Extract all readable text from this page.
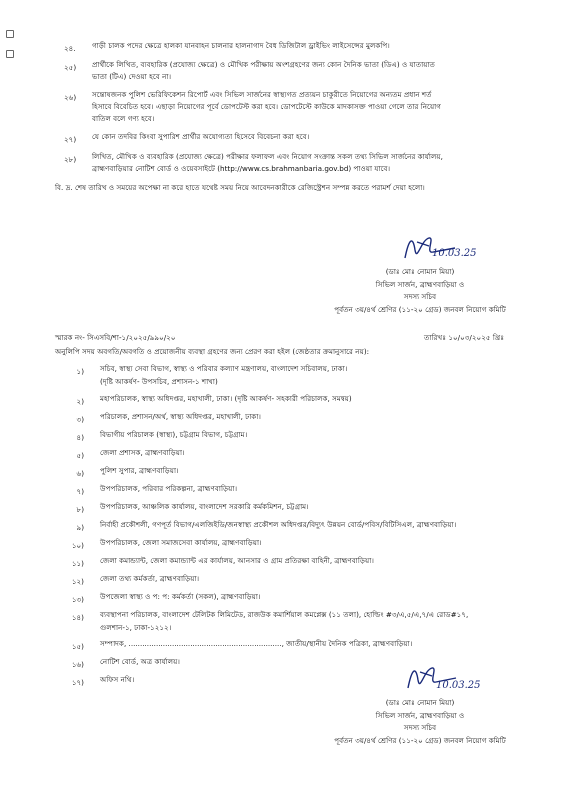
২৪. গাড়ী চালক পদের ক্ষেত্রে হালকা যানবাহন চালনার হালনাগাদ বৈধ ডিজিটাল ড্রাইভিং লাইসেন্সের মুলকপি।
২৫) প্রার্থীকে লিখিত, ব্যবহারিক (প্রযোজ্য ক্ষেত্রে) ও মৌখিক পরীক্ষায় অংশগ্রহণের জন্য কোন দৈনিক ভাতা (ডিএ) ও যাতায়াত
ভাতা (টিএ) দেওয়া হবে না।
২৬) সন্তোষজনক পুলিশ ভেরিফিকেশন রিপোর্ট এবং সিভিল সার্জনের স্বাস্থ্যগত প্রত্যয়ন চাকুরীতে নিয়োগের অন্যতম প্রধান শর্ত
হিসাবে বিবেচিত হবে। এছাড়া নিয়োগের পূর্বে ডোপটেস্ট করা হবে। ডোপটেস্টে কাউকে মাদকাসক্ত পাওয়া গেলে তার নিয়োগ
বাতিল বলে গণ্য হবে।
২৭) যে কোন তদবির কিংবা সুপারিশ প্রার্থীর অযোগ্যতা হিসেবে বিবেচনা করা হবে।
২৮) লিখিত, মৌখিক ও ব্যবহারিক (প্রযোজ্য ক্ষেত্রে) পরীক্ষার ফলাফল এবং নিয়োগ সংক্রান্ত সকল তথ্য সিভিল সার্জনের কার্যালয়,
ব্রাহ্মণবাড়িয়ার নোটিশ বোর্ড ও ওয়েবসাইটে (http://www.cs.brahmanbaria.gov.bd) পাওয়া যাবে।
বি. দ্র. শেষ তারিখ ও সময়ের অপেক্ষা না করে হাতে যথেষ্ট সময় নিয়ে আবেদনকারীকে রেজিস্ট্রেশন সম্পন্ন করতে পরামর্শ দেয়া হলো।
10.03.25
(ডাঃ মোঃ নোমান মিয়া)
সিভিল সার্জন, ব্রাহ্মণবাড়িয়া ও
সদস্য সচিব
পূর্বতন ৩য়/৪র্থ শ্রেণির (১১-২০ গ্রেড) জনবল নিয়োগ কমিটি
স্মারক নং- সিএসবি/শা-১/২০২৫/৯৯০/২০	তারিখঃ ১০/০৩/২০২৫ খ্রিঃ
অনুলিপি সদয় অবগতি/অবগতি ও প্রয়োজনীয় ব্যবস্থা গ্রহণের জন্য প্রেরণ করা হইল (জেষ্ঠতার ক্রমানুসারে নয়):
১) সচিব, স্বাস্থ্য সেবা বিভাগ, স্বাস্থ্য ও পরিবার কল্যাণ মন্ত্রণালয়, বাংলাদেশ সচিবালয়, ঢাকা।
(দৃষ্টি আকর্ষণ- উপসচিব, প্রশাসন-১ শাখা)
২) মহাপরিচালক, স্বাস্থ্য অধিদপ্তর, মহাখালী, ঢাকা। (দৃষ্টি আকর্ষণ- সহকারী পরিচালক, সমন্বয়)
৩) পরিচালক, প্রশাসন/অর্থ, স্বাস্থ্য অধিদপ্তর, মহাখালী, ঢাকা।
৪) বিভাগীয় পরিচালক (স্বাস্থ্য), চট্টগ্রাম বিভাগ, চট্টগ্রাম।
৫) জেলা প্রশাসক, ব্রাহ্মণবাড়িয়া।
৬) পুলিশ সুপার, ব্রাহ্মণবাড়িয়া।
৭) উপপরিচালক, পরিবার পরিকল্পনা, ব্রাহ্মণবাড়িয়া।
৮) উপপরিচালক, আঞ্চলিক কার্যালয়, বাংলাদেশ সরকারি কর্মকমিশন, চট্টগ্রাম।
৯) নির্বাহী প্রকৌশলী, গণপূর্ত বিভাগ/এলজিইডি/জনস্বাস্থ্য প্রকৌশল অধিদপ্তর/বিদ্যুৎ উন্নয়ন বোর্ড/পবিস/বিটিসিএল, ব্রাহ্মণবাড়িয়া।
১০) উপপরিচালক, জেলা সমাজসেবা কার্যালয়, ব্রাহ্মণবাড়িয়া।
১১) জেলা কমান্ড্যান্ট, জেলা কমান্ড্যান্ট এর কার্যালয়, আনসার ও গ্রাম প্রতিরক্ষা বাহিনী, ব্রাহ্মণবাড়িয়া।
১২) জেলা তথ্য কর্মকর্তা, ব্রাহ্মণবাড়িয়া।
১৩) উপজেলা স্বাস্থ্য ও প: প: কর্মকর্তা (সকল), ব্রাহ্মণবাড়িয়া।
১৪) ব্যবস্থাপনা পরিচালক, বাংলাদেশ টেলিটক লিমিটেড, রাজউক কমার্শিয়াল কমপ্লেক্স (১১ তলা), হোল্ডিং #৩/এ,৫/এ,৭/এ রোড#১৭,
গুলশান-১, ঢাকা-১২১২।
১৫) সম্পাদক, ..................................................................., জাতীয়/স্থানীয় দৈনিক পত্রিকা, ব্রাহ্মণবাড়িয়া।
১৬) নোটিশ বোর্ড, অত্র কার্যালয়।
১৭) অফিস নথি।
10.03.25
(ডাঃ মোঃ নোমান মিয়া)
সিভিল সার্জন, ব্রাহ্মণবাড়িয়া ও
সদস্য সচিব
পূর্বতন ৩য়/৪র্থ শ্রেণির (১১-২০ গ্রেড) জনবল নিয়োগ কমিটি
